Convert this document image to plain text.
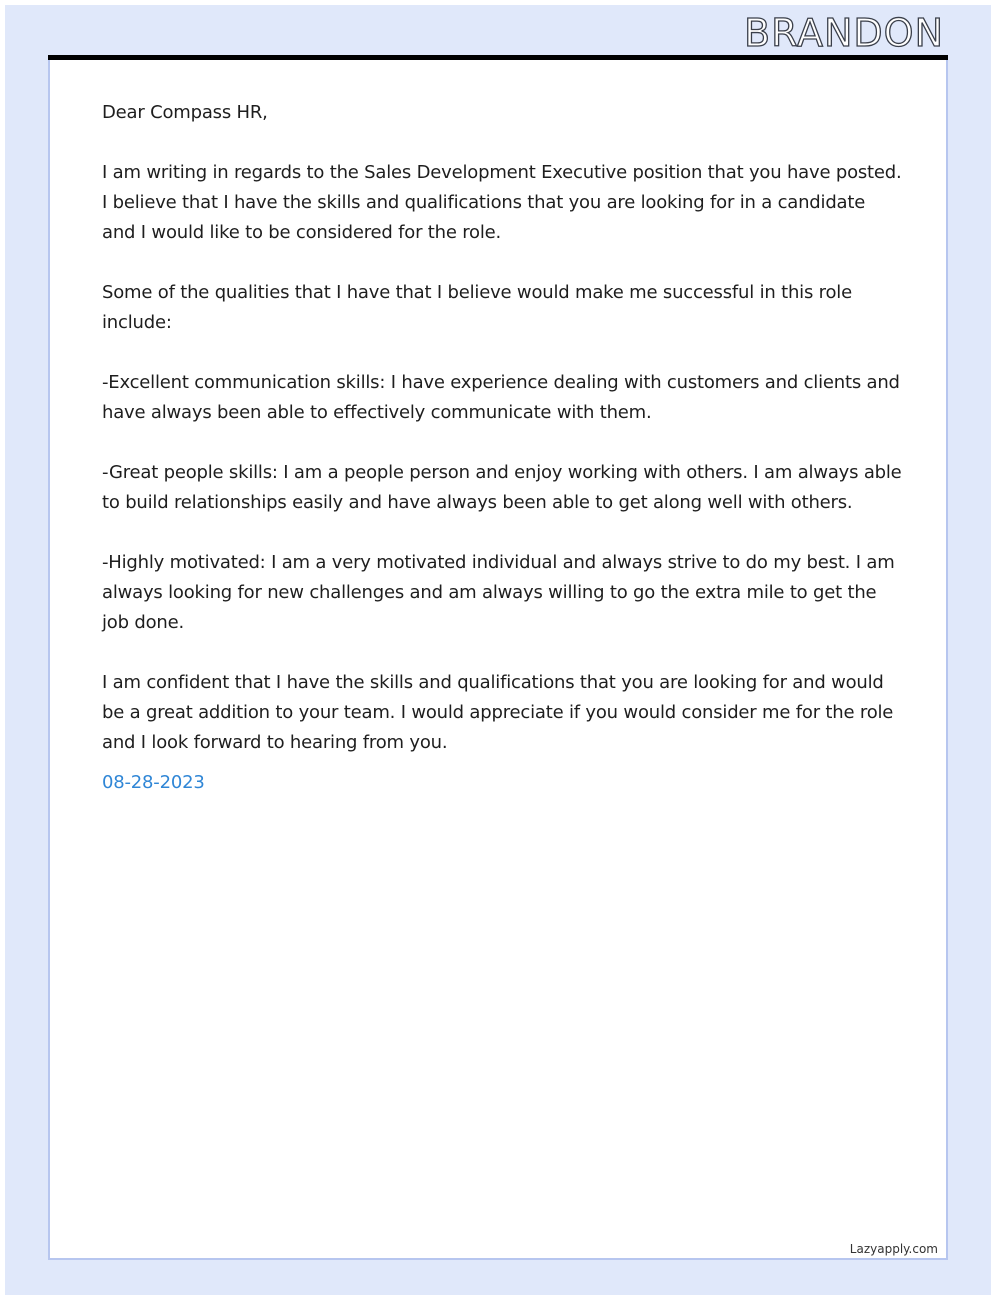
BRANDON

Dear Compass HR,

I am writing in regards to the Sales Development Executive position that you have posted. I believe that I have the skills and qualifications that you are looking for in a candidate and I would like to be considered for the role.

Some of the qualities that I have that I believe would make me successful in this role include:

-Excellent communication skills: I have experience dealing with customers and clients and have always been able to effectively communicate with them.

-Great people skills: I am a people person and enjoy working with others. I am always able to build relationships easily and have always been able to get along well with others.

-Highly motivated: I am a very motivated individual and always strive to do my best. I am always looking for new challenges and am always willing to go the extra mile to get the job done.

I am confident that I have the skills and qualifications that you are looking for and would be a great addition to your team. I would appreciate if you would consider me for the role and I look forward to hearing from you.

08-28-2023
Lazyapply.com
